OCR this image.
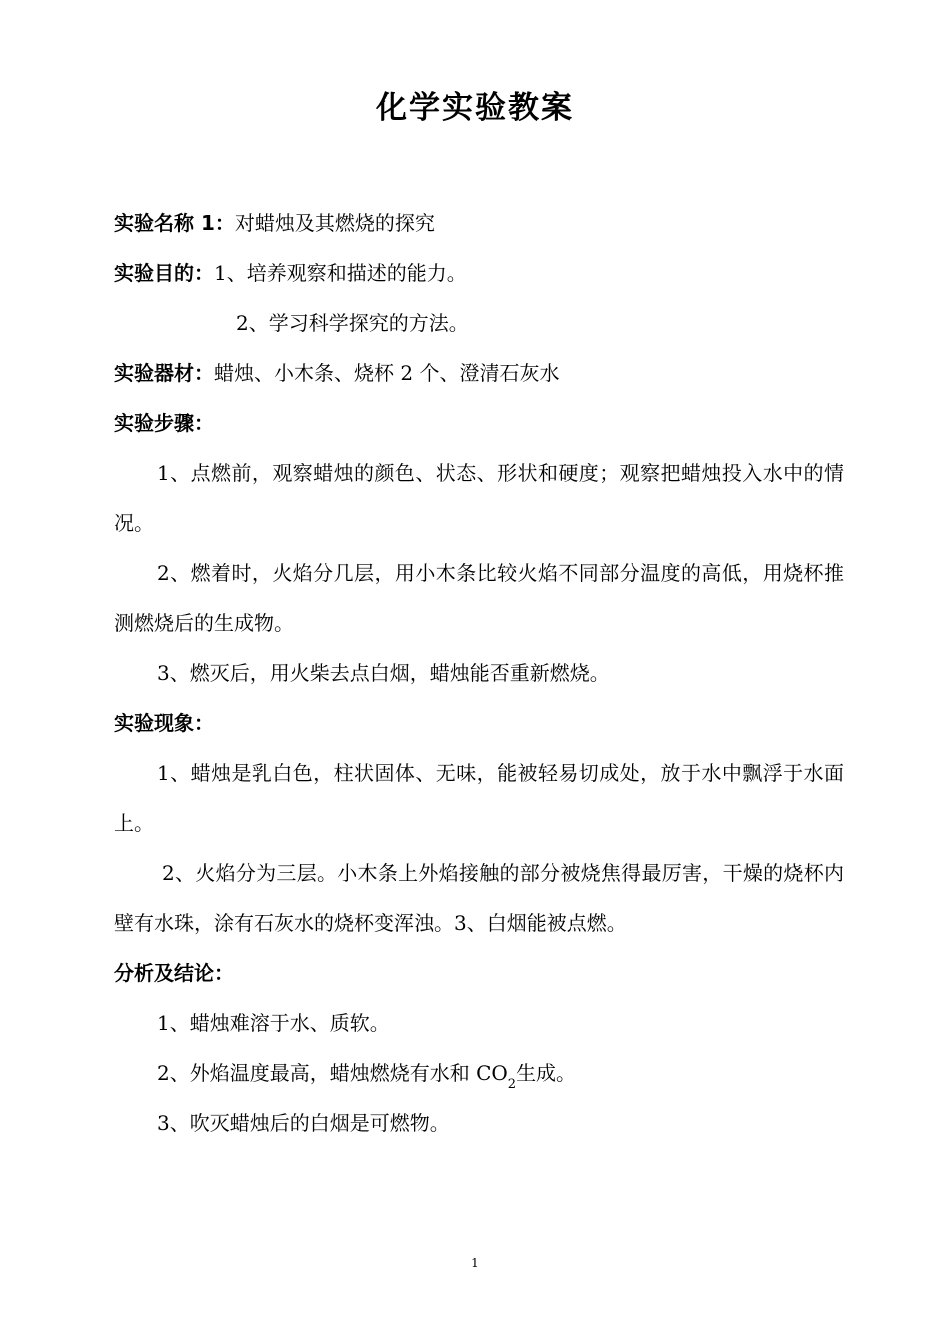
化学实验教案
实验名称 1：对蜡烛及其燃烧的探究
实验目的：1、培养观察和描述的能力。
2、学习科学探究的方法。
实验器材：蜡烛、小木条、烧杯 2 个、澄清石灰水
实验步骤：
1、点燃前，观察蜡烛的颜色、状态、形状和硬度；观察把蜡烛投入水中的情况。
2、燃着时，火焰分几层，用小木条比较火焰不同部分温度的高低，用烧杯推测燃烧后的生成物。
3、燃灭后，用火柴去点白烟，蜡烛能否重新燃烧。
实验现象：
1、蜡烛是乳白色，柱状固体、无味，能被轻易切成处，放于水中飘浮于水面上。
2、火焰分为三层。小木条上外焰接触的部分被烧焦得最厉害，干燥的烧杯内壁有水珠，涂有石灰水的烧杯变浑浊。3、白烟能被点燃。
分析及结论：
1、蜡烛难溶于水、质软。
2、外焰温度最高，蜡烛燃烧有水和 $CO_2$生成。
3、吹灭蜡烛后的白烟是可燃物。
1
